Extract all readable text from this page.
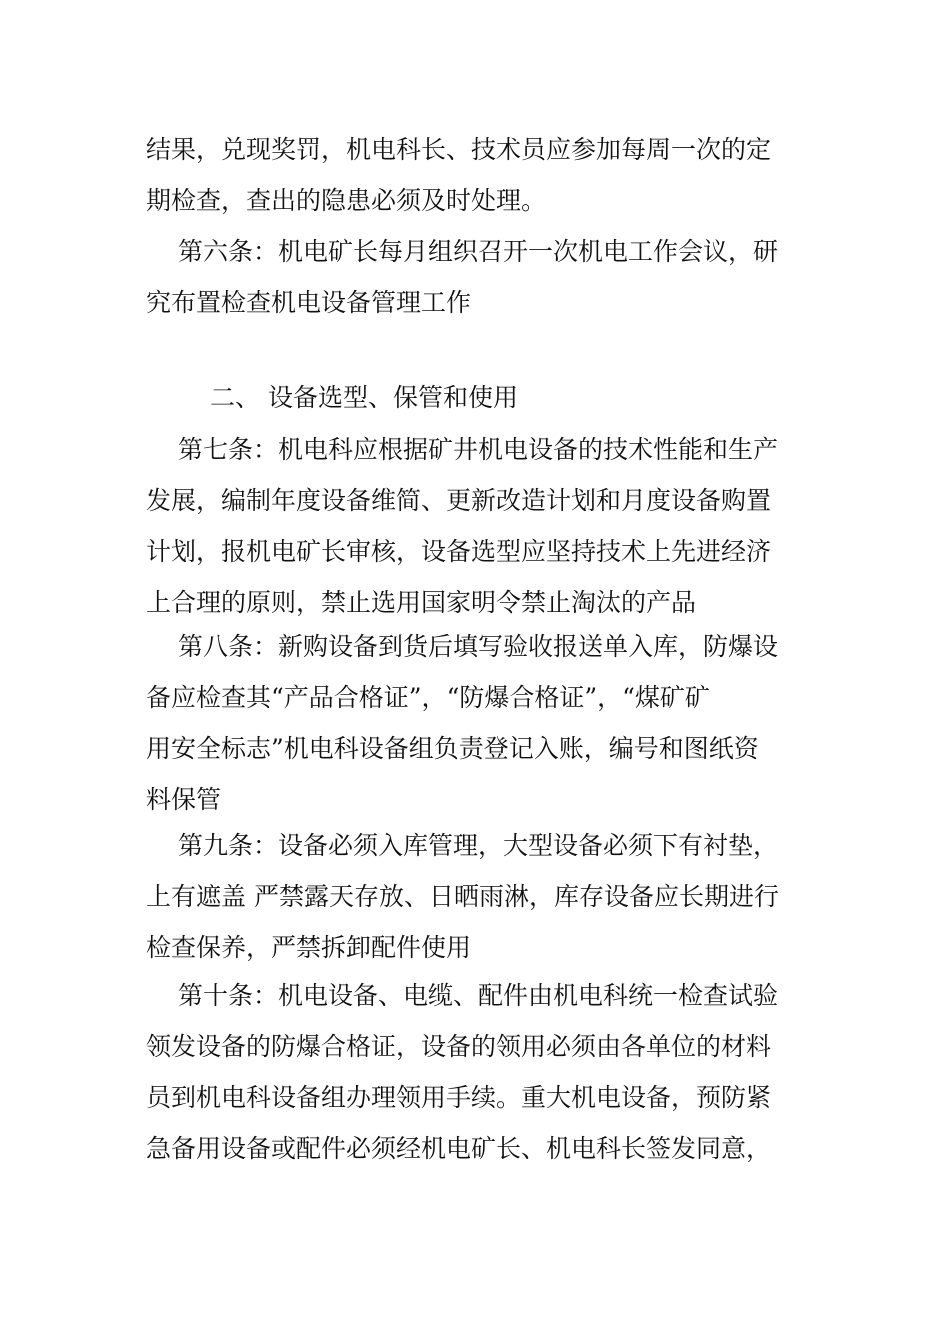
结果，兑现奖罚，机电科长、技术员应参加每周一次的定
期检查，查出的隐患必须及时处理。
第六条：机电矿长每月组织召开一次机电工作会议，研
究布置检查机电设备管理工作
二、 设备选型、保管和使用
第七条：机电科应根据矿井机电设备的技术性能和生产
发展，编制年度设备维简、更新改造计划和月度设备购置
计划，报机电矿长审核，设备选型应坚持技术上先进经济
上合理的原则，禁止选用国家明令禁止淘汰的产品
第八条：新购设备到货后填写验收报送单入库，防爆设
备应检查其“产品合格证”，“防爆合格证”，“煤矿矿
用安全标志”机电科设备组负责登记入账，编号和图纸资
料保管
第九条：设备必须入库管理，大型设备必须下有衬垫，
上有遮盖 严禁露天存放、日晒雨淋，库存设备应长期进行
检查保养，严禁拆卸配件使用
第十条：机电设备、电缆、配件由机电科统一检查试验
领发设备的防爆合格证，设备的领用必须由各单位的材料
员到机电科设备组办理领用手续。重大机电设备，预防紧
急备用设备或配件必须经机电矿长、机电科长签发同意，
